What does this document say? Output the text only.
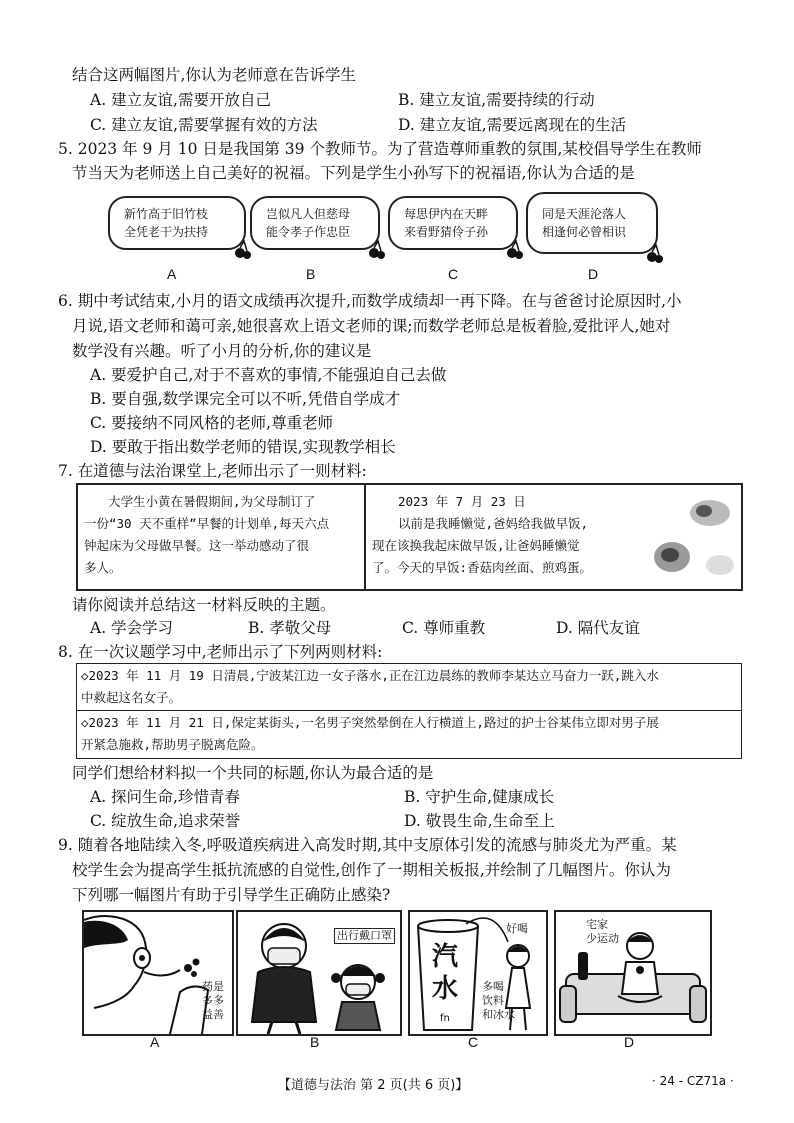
结合这两幅图片,你认为老师意在告诉学生
A. 建立友谊,需要开放自己	B. 建立友谊,需要持续的行动
C. 建立友谊,需要掌握有效的方法	D. 建立友谊,需要远离现在的生活
5. 2023 年 9 月 10 日是我国第 39 个教师节。为了营造尊师重教的氛围,某校倡导学生在教师
节当天为老师送上自己美好的祝福。下列是学生小孙写下的祝福语,你认为合适的是
新竹高于旧竹枝
全凭老干为扶持
A
岂似凡人但慈母
能令孝子作忠臣
B
每思伊内在天畔
来看野猜伶子孙
C
同是天涯沦落人
相逢何必曾相识
D
6. 期中考试结束,小月的语文成绩再次提升,而数学成绩却一再下降。在与爸爸讨论原因时,小
月说,语文老师和蔼可亲,她很喜欢上语文老师的课;而数学老师总是板着脸,爱批评人,她对
数学没有兴趣。听了小月的分析,你的建议是
A. 要爱护自己,对于不喜欢的事情,不能强迫自己去做
B. 要自强,数学课完全可以不听,凭借自学成才
C. 要接纳不同风格的老师,尊重老师
D. 要敢于指出数学老师的错误,实现教学相长
7. 在道德与法治课堂上,老师出示了一则材料:
大学生小黄在暑假期间,为父母制订了
一份“30 天不重样”早餐的计划单,每天六点
钟起床为父母做早餐。这一举动感动了很
多人。
2023 年 7 月 23 日
以前是我睡懒觉,爸妈给我做早饭,
现在该换我起床做早饭,让爸妈睡懒觉
了。今天的早饭:香菇肉丝面、煎鸡蛋。
请你阅读并总结这一材料反映的主题。
A. 学会学习	B. 孝敬父母	C. 尊师重教	D. 隔代友谊
8. 在一次议题学习中,老师出示了下列两则材料:
◇2023 年 11 月 19 日清晨,宁波某江边一女子落水,正在江边晨练的教师李某达立马奋力一跃,跳入水
中救起这名女子。
◇2023 年 11 月 21 日,保定某街头,一名男子突然晕倒在人行横道上,路过的护士谷某伟立即对男子展
开紧急施救,帮助男子脱离危险。
同学们想给材料拟一个共同的标题,你认为最合适的是
A. 探问生命,珍惜青春	B. 守护生命,健康成长
C. 绽放生命,追求荣誉	D. 敬畏生命,生命至上
9. 随着各地陆续入冬,呼吸道疾病进入高发时期,其中支原体引发的流感与肺炎尤为严重。某
校学生会为提高学生抵抗流感的自觉性,创作了一期相关板报,并绘制了几幅图片。你认为
下列哪一幅图片有助于引导学生正确防止感染?
药是
多多
益善
A
出行戴口罩
B
汽
水
fn
好喝
多喝
饮料
和冰水
C
宅家
少运动
D
【道德与法治 第 2 页(共 6 页)】	· 24 - CZ71a ·
